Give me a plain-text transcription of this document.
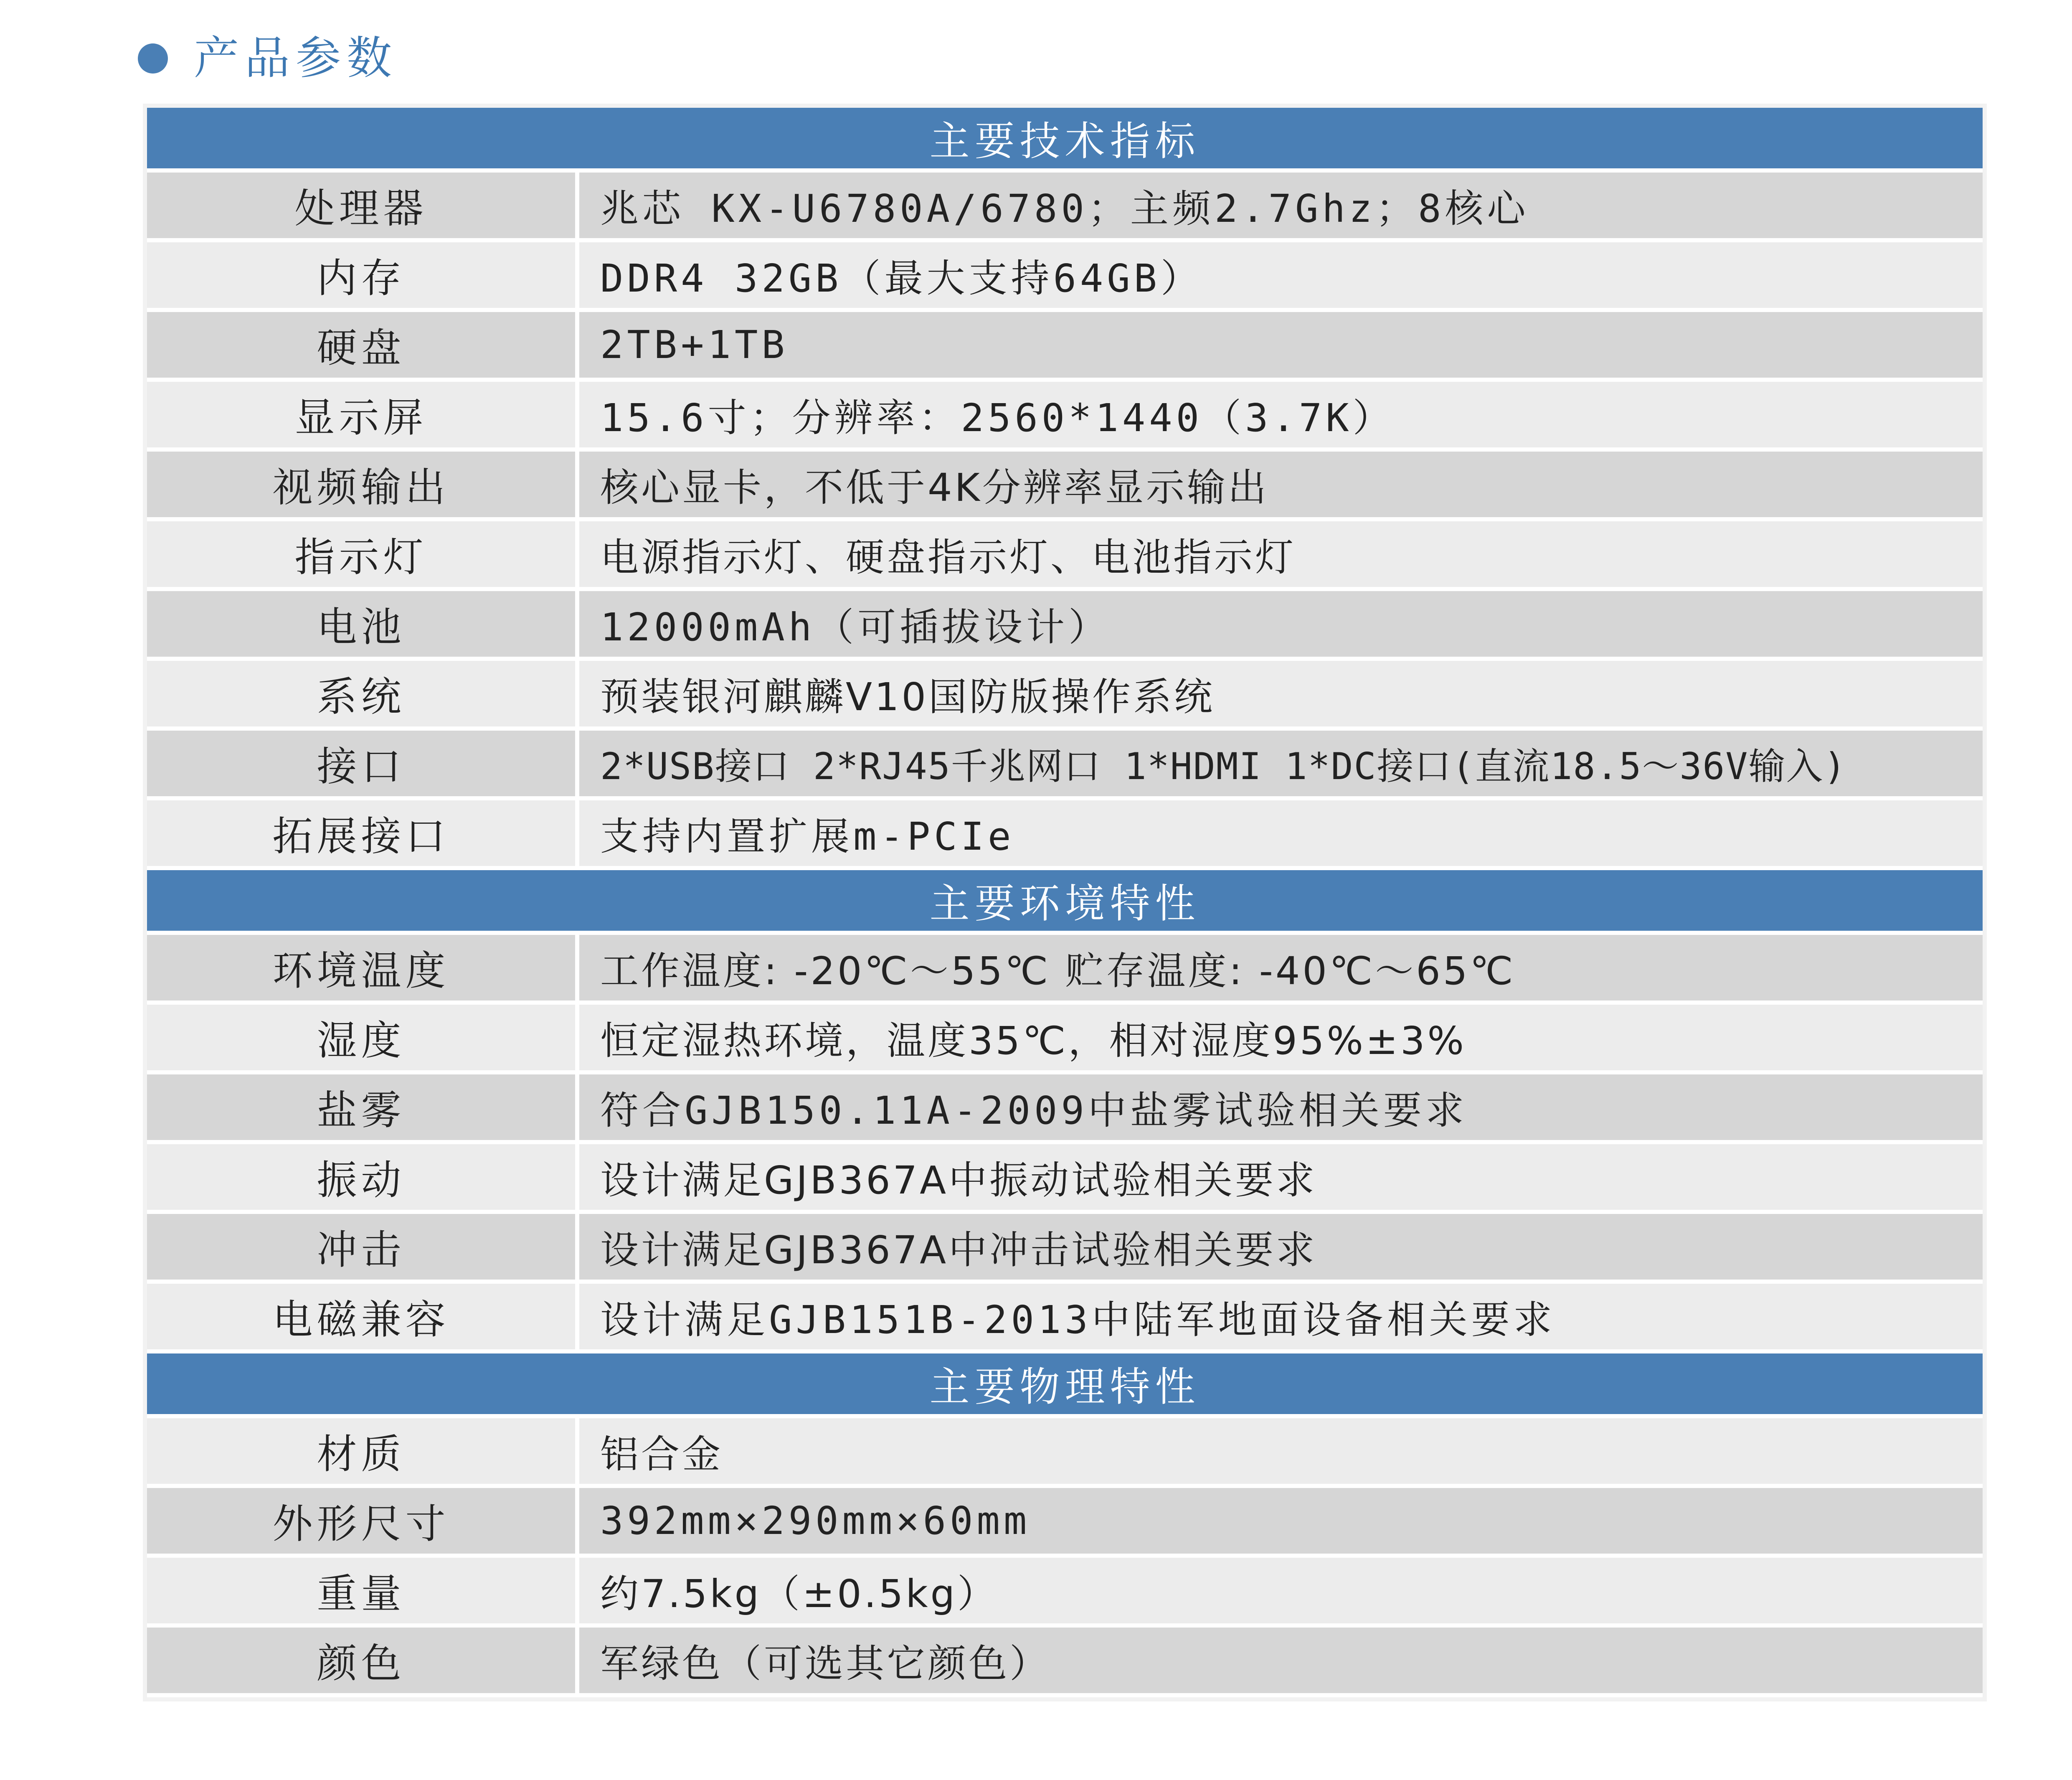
产品参数
主要技术指标
处理器	兆芯 KX-U6780A/6780；主频2.7Ghz；8核心
内存	DDR4 32GB（最大支持64GB）
硬盘	2TB+1TB
显示屏	15.6寸；分辨率：2560*1440（3.7K）
视频输出	核心显卡，不低于4K分辨率显示输出
指示灯	电源指示灯、硬盘指示灯、电池指示灯
电池	12000mAh（可插拔设计）
系统	预装银河麒麟V10国防版操作系统
接口	2*USB接口 2*RJ45千兆网口 1*HDMI 1*DC接口(直流18.5～36V输入)
拓展接口	支持内置扩展m-PCIe
主要环境特性
环境温度	工作温度: -20℃～55℃ 贮存温度: -40℃～65℃
湿度	恒定湿热环境，温度35℃，相对湿度95%±3%
盐雾	符合GJB150.11A-2009中盐雾试验相关要求
振动	设计满足GJB367A中振动试验相关要求
冲击	设计满足GJB367A中冲击试验相关要求
电磁兼容	设计满足GJB151B-2013中陆军地面设备相关要求
主要物理特性
材质	铝合金
外形尺寸	392mm×290mm×60mm
重量	约7.5kg（±0.5kg）
颜色	军绿色（可选其它颜色）
